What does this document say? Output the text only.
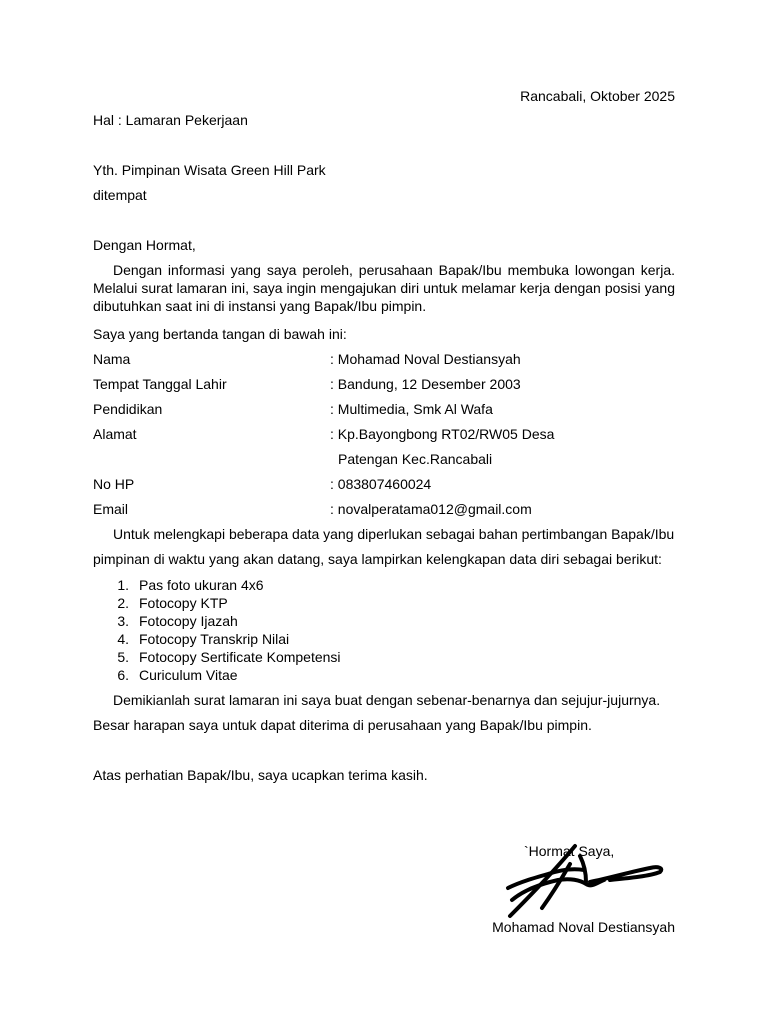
Rancabali, Oktober 2025
Hal : Lamaran Pekerjaan
Yth. Pimpinan Wisata Green Hill Park
ditempat
Dengan Hormat,
Dengan informasi yang saya peroleh, perusahaan Bapak/Ibu membuka lowongan kerja. Melalui surat lamaran ini, saya ingin mengajukan diri untuk melamar kerja dengan posisi yang dibutuhkan saat ini di instansi yang Bapak/Ibu pimpin.
Saya yang bertanda tangan di bawah ini:
Nama	: Mohamad Noval Destiansyah
Tempat Tanggal Lahir	: Bandung, 12 Desember 2003
Pendidikan	: Multimedia, Smk Al Wafa
Alamat	: Kp.Bayongbong RT02/RW05 Desa
Patengan Kec.Rancabali
No HP	: 083807460024
Email	: novalperatama012@gmail.com
Untuk melengkapi beberapa data yang diperlukan sebagai bahan pertimbangan Bapak/Ibu
pimpinan di waktu yang akan datang, saya lampirkan kelengkapan data diri sebagai berikut:
1. Pas foto ukuran 4x6
2. Fotocopy KTP
3. Fotocopy Ijazah
4. Fotocopy Transkrip Nilai
5. Fotocopy Sertificate Kompetensi
6. Curiculum Vitae
Demikianlah surat lamaran ini saya buat dengan sebenar-benarnya dan sejujur-jujurnya.
Besar harapan saya untuk dapat diterima di perusahaan yang Bapak/Ibu pimpin.
Atas perhatian Bapak/Ibu, saya ucapkan terima kasih.
`Hormat Saya,
Mohamad Noval Destiansyah
